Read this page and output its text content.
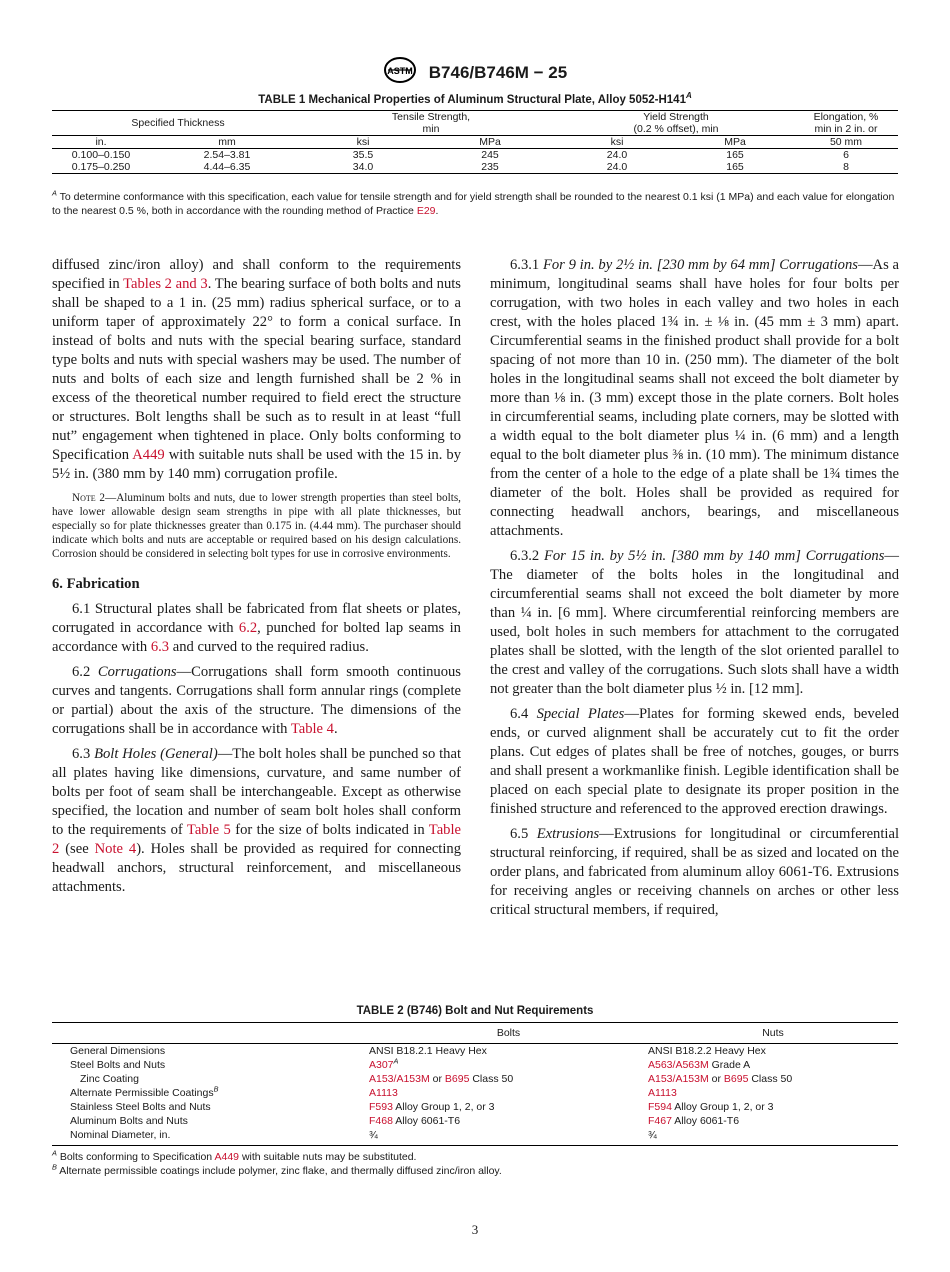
ASTM B746/B746M − 25
TABLE 1 Mechanical Properties of Aluminum Structural Plate, Alloy $5052-H141^A$
Specified Thickness		Tensile Strength,		Yield Strength		Elongation, %
		min		(0.2 % offset), min		min in 2 in. or
in.	mm	ksi	MPa	ksi	MPa	50 mm
0.100–0.150	2.54–3.81	35.5	245	24.0	165	6
0.175–0.250	4.44–6.35	34.0	235	24.0	165	8
$^A$ To determine conformance with this specification, each value for tensile strength and for yield strength shall be rounded to the nearest 0.1 ksi (1 MPa) and each value for elongation to the nearest 0.5 %, both in accordance with the rounding method of Practice E29.

diffused zinc/iron alloy) and shall conform to the requirements specified in Tables 2 and 3. The bearing surface of both bolts and nuts shall be shaped to a 1 in. (25 mm) radius spherical surface, or to a uniform taper of approximately 22° to form a conical surface. In instead of bolts and nuts with the special bearing surface, standard type bolts and nuts with special washers may be used. The number of nuts and bolts of each size and length furnished shall be 2 % in excess of the theoretical number required to field erect the structure or structures. Bolt lengths shall be such as to result in at least “full nut” engagement when tightened in place. Only bolts conforming to Specification A449 with suitable nuts shall be used with the 15 in. by 5½ in. (380 mm by 140 mm) corrugation profile.

Note 2—Aluminum bolts and nuts, due to lower strength properties than steel bolts, have lower allowable design seam strengths in pipe with all plate thicknesses, but especially so for plate thicknesses greater than 0.175 in. (4.44 mm). The purchaser should indicate which bolts and nuts are acceptable or required based on his design calculations. Corrosion should be considered in selecting bolt types for use in corrosive environments.

6. Fabrication

6.1 Structural plates shall be fabricated from flat sheets or plates, corrugated in accordance with 6.2, punched for bolted lap seams in accordance with 6.3 and curved to the required radius.

6.2 Corrugations—Corrugations shall form smooth continuous curves and tangents. Corrugations shall form annular rings (complete or partial) about the axis of the structure. The dimensions of the corrugations shall be in accordance with Table 4.

6.3 Bolt Holes (General)—The bolt holes shall be punched so that all plates having like dimensions, curvature, and same number of bolts per foot of seam shall be interchangeable. Except as otherwise specified, the location and number of seam bolt holes shall conform to the requirements of Table 5 for the size of bolts indicated in Table 2 (see Note 4). Holes shall be provided as required for connecting headwall anchors, structural reinforcement, and miscellaneous attachments.

6.3.1 For 9 in. by 2½ in. [230 mm by 64 mm] Corrugations—As a minimum, longitudinal seams shall have holes for four bolts per corrugation, with two holes in each valley and two holes in each crest, with the holes placed 1¾ in. ± ⅛ in. (45 mm ± 3 mm) apart. Circumferential seams in the finished product shall provide for a bolt spacing of not more than 10 in. (250 mm). The diameter of the bolt holes in the longitudinal seams shall not exceed the bolt diameter by more than ⅛ in. (3 mm) except those in the plate corners. Bolt holes in circumferential seams, including plate corners, may be slotted with a width equal to the bolt diameter plus ¼ in. (6 mm) and a length equal to the bolt diameter plus ⅜ in. (10 mm). The minimum distance from the center of a hole to the edge of a plate shall be 1¾ times the diameter of the bolt. Holes shall be provided as required for connecting headwall anchors, bearings, and miscellaneous attachments.

6.3.2 For 15 in. by 5½ in. [380 mm by 140 mm] Corrugations—The diameter of the bolts holes in the longitudinal and circumferential seams shall not exceed the bolt diameter by more than ¼ in. [6 mm]. Where circumferential reinforcing members are used, bolt holes in such members for attachment to the corrugated plates shall be slotted, with the length of the slot oriented parallel to the crest and valley of the corrugations. Such slots shall have a width not greater than the bolt diameter plus ½ in. [12 mm].

6.4 Special Plates—Plates for forming skewed ends, beveled ends, or curved alignment shall be accurately cut to fit the order plans. Cut edges of plates shall be free of notches, gouges, or burrs and shall present a workmanlike finish. Legible identification shall be placed on each special plate to designate its proper position in the finished structure and referenced to the approved erection drawings.

6.5 Extrusions—Extrusions for longitudinal or circumferential structural reinforcing, if required, shall be as sized and located on the order plans, and fabricated from aluminum alloy 6061-T6. Extrusions for receiving angles or receiving channels on arches or other less critical structural members, if required,

TABLE 2 (B746) Bolt and Nut Requirements
	Bolts	Nuts
General Dimensions	ANSI B18.2.1 Heavy Hex	ANSI B18.2.2 Heavy Hex
Steel Bolts and Nuts	$A307^A$	A563/A563M Grade A
Zinc Coating	A153/A153M or B695 Class 50	A153/A153M or B695 Class 50
Alternate Permissible Coatings$^B$	A1113	A1113
Stainless Steel Bolts and Nuts	F593 Alloy Group 1, 2, or 3	F594 Alloy Group 1, 2, or 3
Aluminum Bolts and Nuts	F468 Alloy 6061-T6	F467 Alloy 6061-T6
Nominal Diameter, in.	¾	¾
$^A$ Bolts conforming to Specification A449 with suitable nuts may be substituted.
$^B$ Alternate permissible coatings include polymer, zinc flake, and thermally diffused zinc/iron alloy.
3
